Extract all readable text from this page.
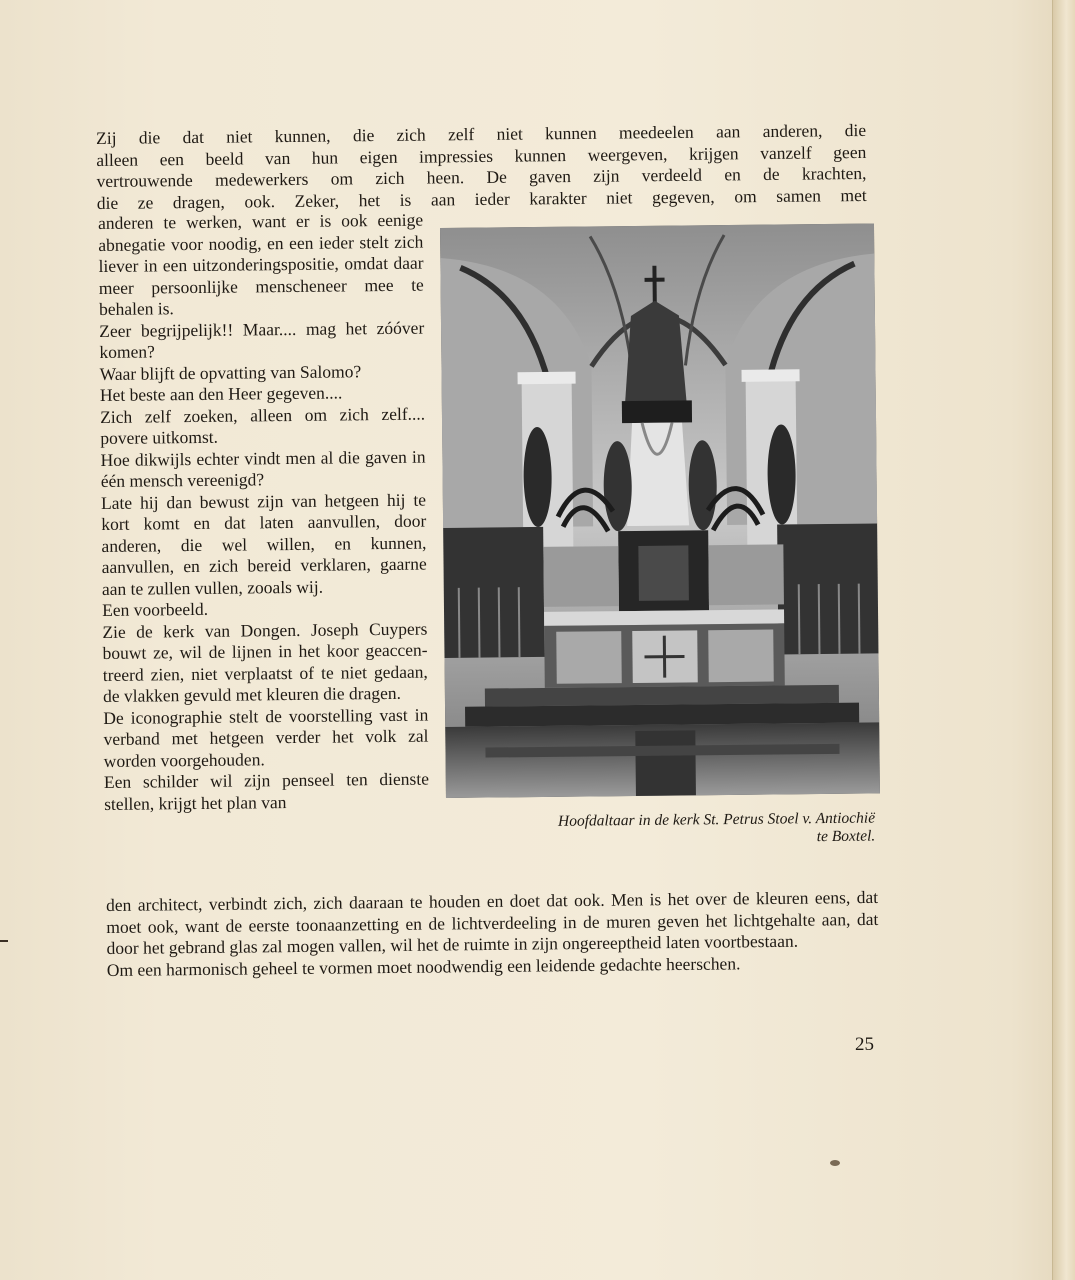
Zij die dat niet kunnen, die zich zelf niet kunnen meedeelen aan anderen, die

alleen een beeld van hun eigen impressies kunnen weergeven, krijgen vanzelf geen

vertrouwende medewerkers om zich heen. De gaven zijn verdeeld en de krachten,

die ze dragen, ook. Zeker, het is aan ieder karakter niet gegeven, om samen met

anderen te werken, want er is ook eenige abnegatie voor noodig, en een ieder stelt zich liever in een uitzonderingspositie, omdat daar meer persoonlijke menscheneer mee te behalen is.

Zeer begrijpelijk!! Maar.... mag het zóóver komen?

Waar blijft de opvatting van Salomo?

Het beste aan den Heer gegeven....

Zich zelf zoeken, alleen om zich zelf.... povere uitkomst.

Hoe dikwijls echter vindt men al die gaven in één mensch vereenigd?

Late hij dan bewust zijn van hetgeen hij te kort komt en dat laten aanvullen, door anderen, die wel willen, en kunnen, aanvullen, en zich bereid verklaren, gaarne aan te zullen vullen, zooals wij.

Een voorbeeld.

Zie de kerk van Dongen. Joseph Cuypers bouwt ze, wil de lijnen in het koor geaccen- treerd zien, niet verplaatst of te niet gedaan, de vlakken gevuld met kleuren die dragen.

De iconographie stelt de voorstelling vast in verband met hetgeen verder het volk zal worden voorgehouden.

Een schilder wil zijn penseel ten dienste stellen, krijgt het plan van

Hoofdaltaar in de kerk St. Petrus Stoel v. Antiochië
te Boxtel.

den architect, verbindt zich, zich daaraan te houden en doet dat ook. Men is het over de kleuren eens, dat moet ook, want de eerste toonaanzetting en de lichtverdeeling in de muren geven het lichtgehalte aan, dat door het gebrand glas zal mogen vallen, wil het de ruimte in zijn ongereeptheid laten voortbestaan.

Om een harmonisch geheel te vormen moet noodwendig een leidende gedachte heerschen.

25
